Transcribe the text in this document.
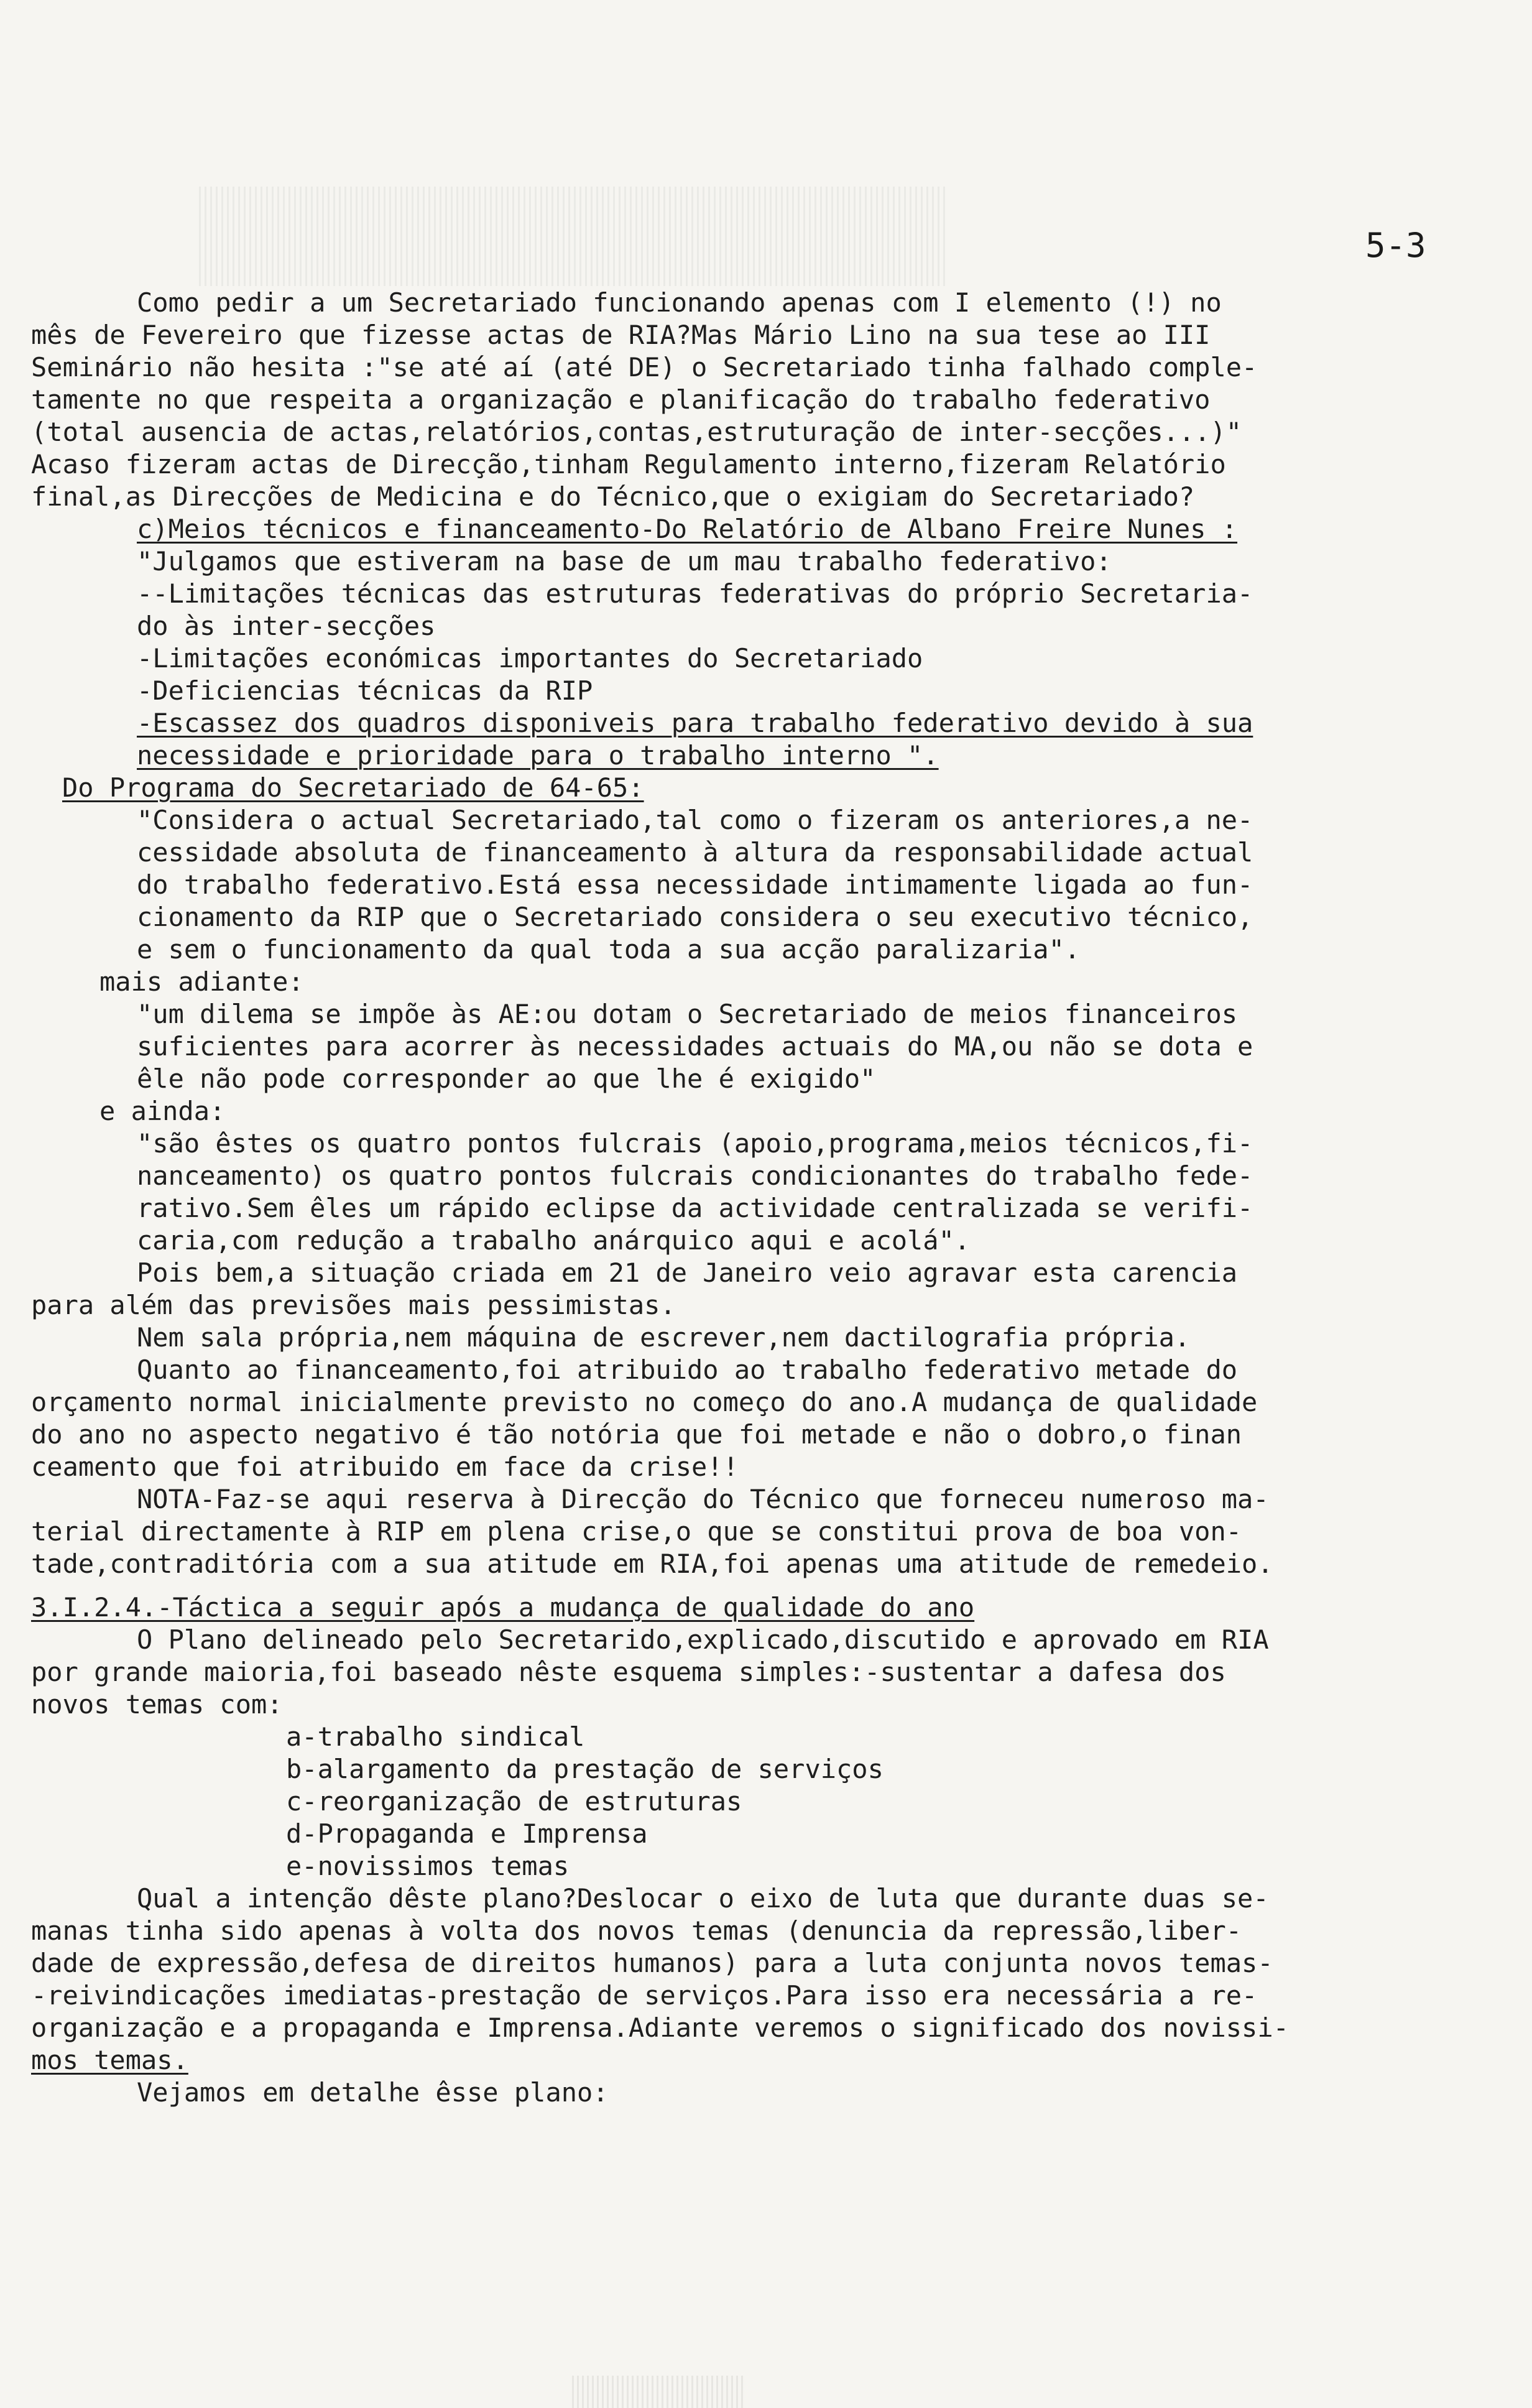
5-3
Como pedir a um Secretariado funcionando apenas com I elemento (!) no
mês de Fevereiro que fizesse actas de RIA?Mas Mário Lino na sua tese ao III
Seminário não hesita :"se até aí (até DE) o Secretariado tinha falhado comple-
tamente no que respeita a organização e planificação do trabalho federativo
(total ausencia de actas,relatórios,contas,estruturação de inter-secções...)"
Acaso fizeram actas de Direcção,tinham Regulamento interno,fizeram Relatório
final,as Direcções de Medicina e do Técnico,que o exigiam do Secretariado?
c)Meios técnicos e financeamento-Do Relatório de Albano Freire Nunes :
"Julgamos que estiveram na base de um mau trabalho federativo:
--Limitações técnicas das estruturas federativas do próprio Secretaria-
do às inter-secções
-Limitações económicas importantes do Secretariado
-Deficiencias técnicas da RIP
-Escassez dos quadros disponiveis para trabalho federativo devido à sua
necessidade e prioridade para o trabalho interno ".
Do Programa do Secretariado de 64-65:
"Considera o actual Secretariado,tal como o fizeram os anteriores,a ne-
cessidade absoluta de financeamento à altura da responsabilidade actual
do trabalho federativo.Está essa necessidade intimamente ligada ao fun-
cionamento da RIP que o Secretariado considera o seu executivo técnico,
e sem o funcionamento da qual toda a sua acção paralizaria".
mais adiante:
"um dilema se impõe às AE:ou dotam o Secretariado de meios financeiros
suficientes para acorrer às necessidades actuais do MA,ou não se dota e
êle não pode corresponder ao que lhe é exigido"
e ainda:
"são êstes os quatro pontos fulcrais (apoio,programa,meios técnicos,fi-
nanceamento) os quatro pontos fulcrais condicionantes do trabalho fede-
rativo.Sem êles um rápido eclipse da actividade centralizada se verifi-
caria,com redução a trabalho anárquico aqui e acolá".
Pois bem,a situação criada em 21 de Janeiro veio agravar esta carencia
para além das previsões mais pessimistas.
Nem sala própria,nem máquina de escrever,nem dactilografia própria.
Quanto ao financeamento,foi atribuido ao trabalho federativo metade do
orçamento normal inicialmente previsto no começo do ano.A mudança de qualidade
do ano no aspecto negativo é tão notória que foi metade e não o dobro,o finan
ceamento que foi atribuido em face da crise!!
NOTA-Faz-se aqui reserva à Direcção do Técnico que forneceu numeroso ma-
terial directamente à RIP em plena crise,o que se constitui prova de boa von-
tade,contraditória com a sua atitude em RIA,foi apenas uma atitude de remedeio.
3.I.2.4.-Táctica a seguir após a mudança de qualidade do ano
O Plano delineado pelo Secretarido,explicado,discutido e aprovado em RIA
por grande maioria,foi baseado nêste esquema simples:-sustentar a dafesa dos
novos temas com:
a-trabalho sindical
b-alargamento da prestação de serviços
c-reorganização de estruturas
d-Propaganda e Imprensa
e-novissimos temas
Qual a intenção dêste plano?Deslocar o eixo de luta que durante duas se-
manas tinha sido apenas à volta dos novos temas (denuncia da repressão,liber-
dade de expressão,defesa de direitos humanos) para a luta conjunta novos temas-
-reivindicações imediatas-prestação de serviços.Para isso era necessária a re-
organização e a propaganda e Imprensa.Adiante veremos o significado dos novissi-
mos temas.
Vejamos em detalhe êsse plano:
